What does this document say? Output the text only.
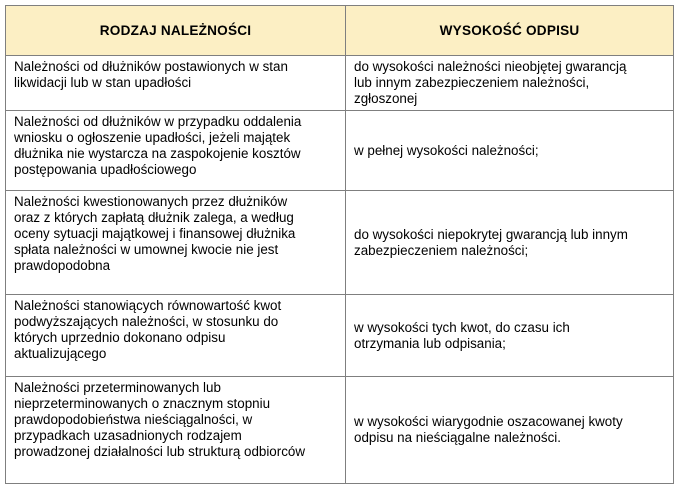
RODZAJ NALEŻNOŚCI	WYSOKOŚĆ ODPISU

Należności od dłużników postawionych w stan
likwidacji lub w stan upadłości	do wysokości należności nieobjętej gwarancją
lub innym zabezpieczeniem należności,
zgłoszonej

Należności od dłużników w przypadku oddalenia
wniosku o ogłoszenie upadłości, jeżeli majątek
dłużnika nie wystarcza na zaspokojenie kosztów
postępowania upadłościowego	w pełnej wysokości należności;

Należności kwestionowanych przez dłużników
oraz z których zapłatą dłużnik zalega, a według
oceny sytuacji majątkowej i finansowej dłużnika
spłata należności w umownej kwocie nie jest
prawdopodobna	do wysokości niepokrytej gwarancją lub innym
zabezpieczeniem należności;

Należności stanowiących równowartość kwot
podwyższających należności, w stosunku do
których uprzednio dokonano odpisu
aktualizującego	w wysokości tych kwot, do czasu ich
otrzymania lub odpisania;

Należności przeterminowanych lub
nieprzeterminowanych o znacznym stopniu
prawdopodobieństwa nieściągalności, w
przypadkach uzasadnionych rodzajem
prowadzonej działalności lub strukturą odbiorców	w wysokości wiarygodnie oszacowanej kwoty
odpisu na nieściągalne należności.
